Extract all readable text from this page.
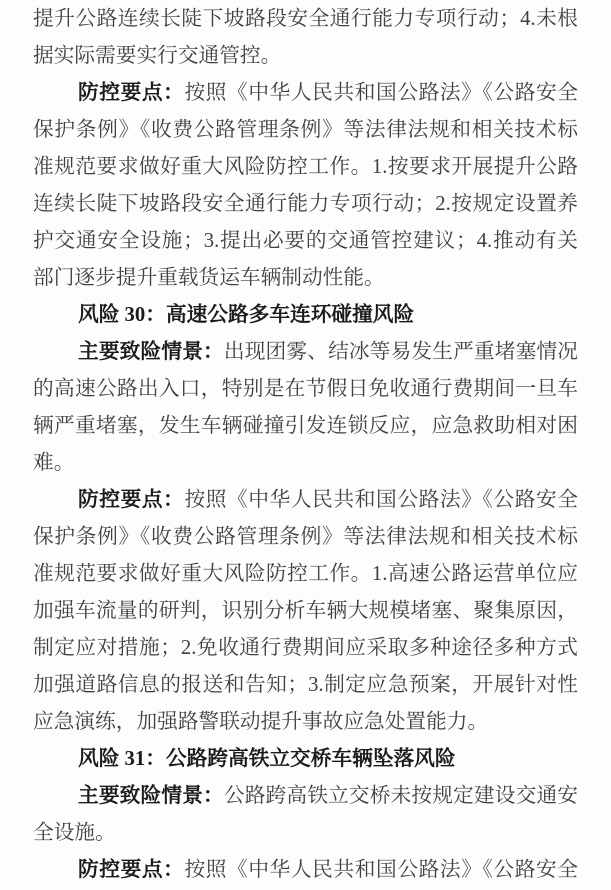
提升公路连续长陡下坡路段安全通行能力专项行动；4.未根
据实际需要实行交通管控。
防控要点：按照《中华人民共和国公路法》《公路安全
保护条例》《收费公路管理条例》等法律法规和相关技术标
准规范要求做好重大风险防控工作。1.按要求开展提升公路
连续长陡下坡路段安全通行能力专项行动；2.按规定设置养
护交通安全设施；3.提出必要的交通管控建议；4.推动有关
部门逐步提升重载货运车辆制动性能。
风险 30：高速公路多车连环碰撞风险
主要致险情景：出现团雾、结冰等易发生严重堵塞情况
的高速公路出入口，特别是在节假日免收通行费期间一旦车
辆严重堵塞，发生车辆碰撞引发连锁反应，应急救助相对困
难。
防控要点：按照《中华人民共和国公路法》《公路安全
保护条例》《收费公路管理条例》等法律法规和相关技术标
准规范要求做好重大风险防控工作。1.高速公路运营单位应
加强车流量的研判，识别分析车辆大规模堵塞、聚集原因，
制定应对措施；2.免收通行费期间应采取多种途径多种方式
加强道路信息的报送和告知；3.制定应急预案，开展针对性
应急演练，加强路警联动提升事故应急处置能力。
风险 31：公路跨高铁立交桥车辆坠落风险
主要致险情景：公路跨高铁立交桥未按规定建设交通安
全设施。
防控要点：按照《中华人民共和国公路法》《公路安全
